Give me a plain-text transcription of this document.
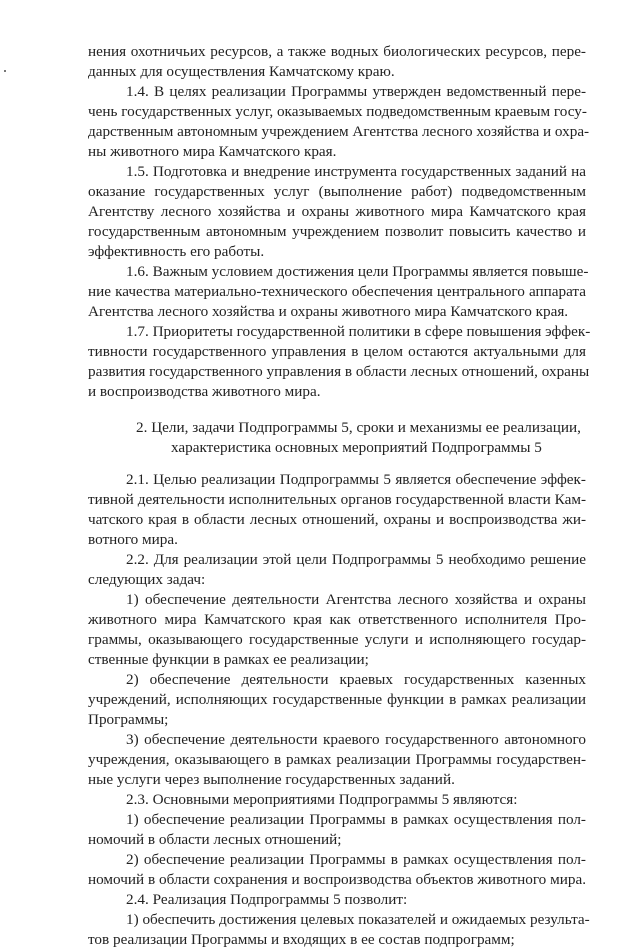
нения охотничьих ресурсов, а также водных биологических ресурсов, пере-
данных для осуществления Камчатскому краю.
1.4. В целях реализации Программы утвержден ведомственный пере-
чень государственных услуг, оказываемых подведомственным краевым госу-
дарственным автономным учреждением Агентства лесного хозяйства и охра-
ны животного мира Камчатского края.
1.5. Подготовка и внедрение инструмента государственных заданий на
оказание государственных услуг (выполнение работ) подведомственным
Агентству лесного хозяйства и охраны животного мира Камчатского края
государственным автономным учреждением позволит повысить качество и
эффективность его работы.
1.6. Важным условием достижения цели Программы является повыше-
ние качества материально-технического обеспечения центрального аппарата
Агентства лесного хозяйства и охраны животного мира Камчатского края.
1.7. Приоритеты государственной политики в сфере повышения эффек-
тивности государственного управления в целом остаются актуальными для
развития государственного управления в области лесных отношений, охраны
и воспроизводства животного мира.
2. Цели, задачи Подпрограммы 5, сроки и механизмы ее реализации,
характеристика основных мероприятий Подпрограммы 5
2.1. Целью реализации Подпрограммы 5 является обеспечение эффек-
тивной деятельности исполнительных органов государственной власти Кам-
чатского края в области лесных отношений, охраны и воспроизводства жи-
вотного мира.
2.2. Для реализации этой цели Подпрограммы 5 необходимо решение
следующих задач:
1) обеспечение деятельности Агентства лесного хозяйства и охраны
животного мира Камчатского края как ответственного исполнителя Про-
граммы, оказывающего государственные услуги и исполняющего государ-
ственные функции в рамках ее реализации;
2) обеспечение деятельности краевых государственных казенных
учреждений, исполняющих государственные функции в рамках реализации
Программы;
3) обеспечение деятельности краевого государственного автономного
учреждения, оказывающего в рамках реализации Программы государствен-
ные услуги через выполнение государственных заданий.
2.3. Основными мероприятиями Подпрограммы 5 являются:
1) обеспечение реализации Программы в рамках осуществления пол-
номочий в области лесных отношений;
2) обеспечение реализации Программы в рамках осуществления пол-
номочий в области сохранения и воспроизводства объектов животного мира.
2.4. Реализация Подпрограммы 5 позволит:
1) обеспечить достижения целевых показателей и ожидаемых результа-
тов реализации Программы и входящих в ее состав подпрограмм;
